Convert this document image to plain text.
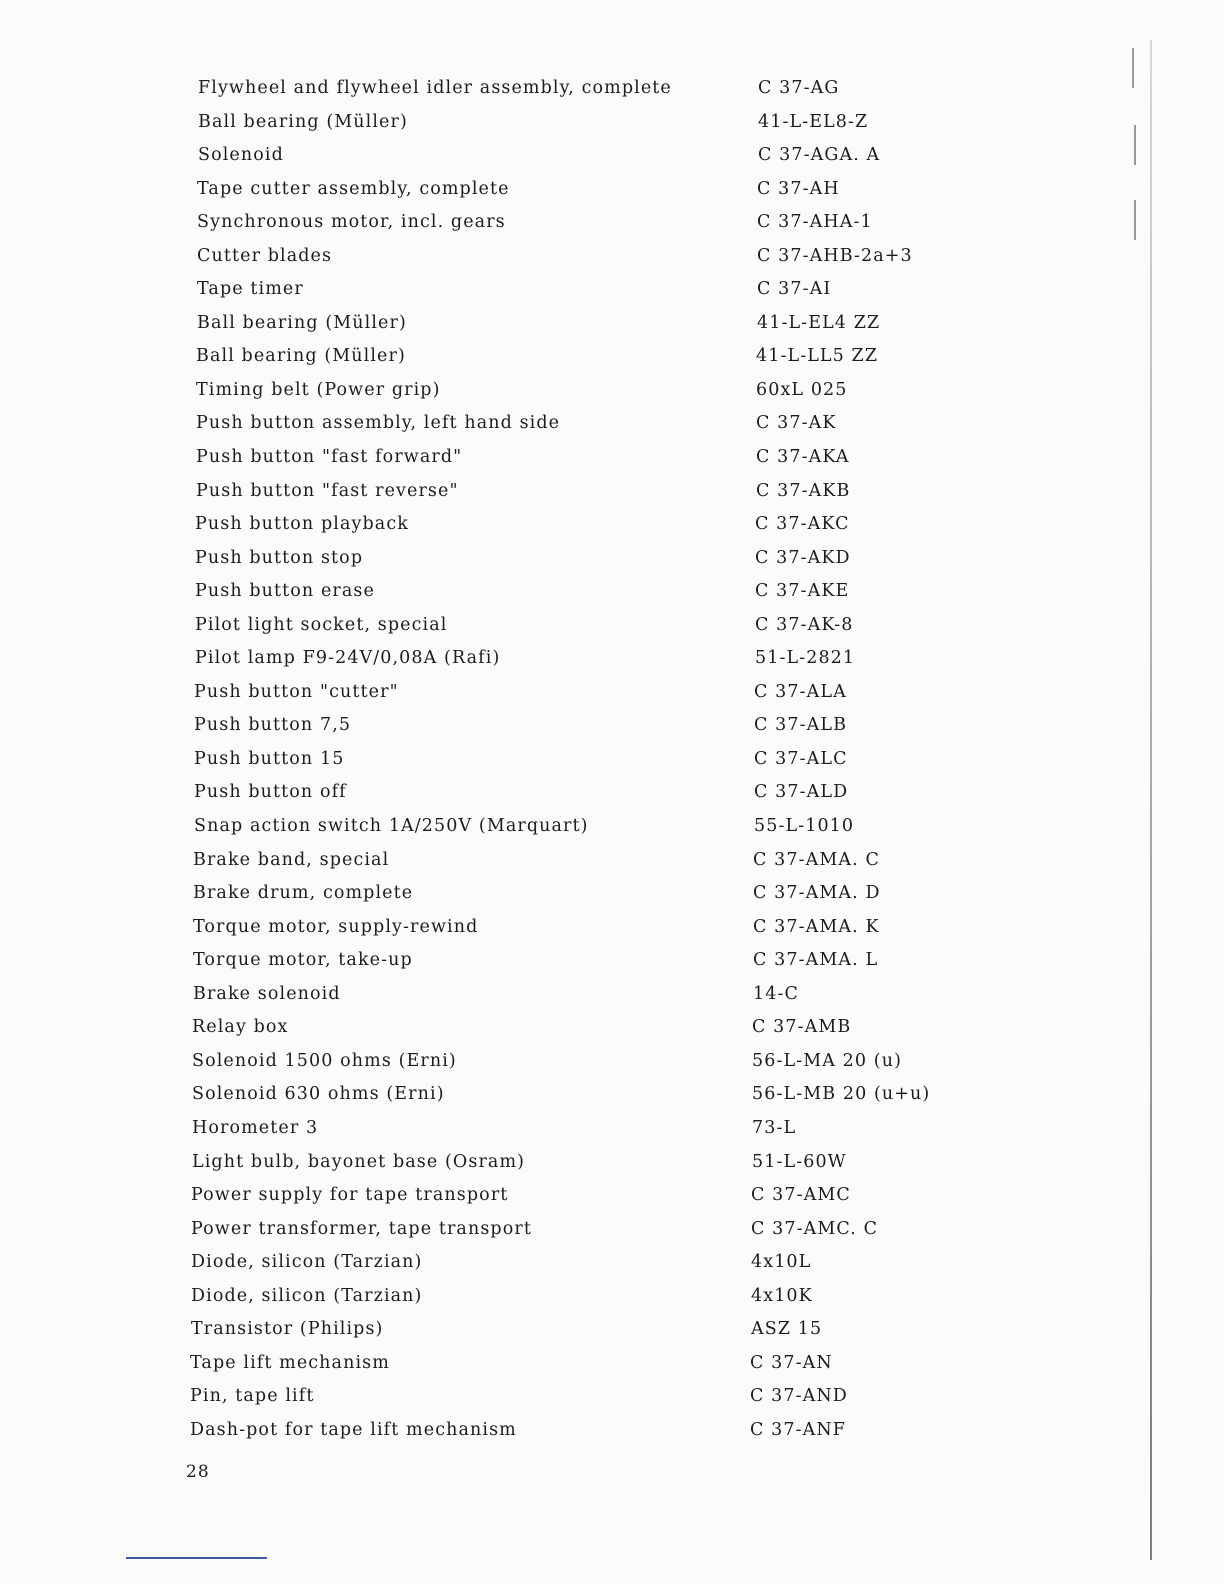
Flywheel and flywheel idler assembly, complete	C 37-AG
Ball bearing (Müller)	41-L-EL8-Z
Solenoid	C 37-AGA. A
Tape cutter assembly, complete	C 37-AH
Synchronous motor, incl. gears	C 37-AHA-1
Cutter blades	C 37-AHB-2a+3
Tape timer	C 37-AI
Ball bearing (Müller)	41-L-EL4 ZZ
Ball bearing (Müller)	41-L-LL5 ZZ
Timing belt (Power grip)	60xL 025
Push button assembly, left hand side	C 37-AK
Push button "fast forward"	C 37-AKA
Push button "fast reverse"	C 37-AKB
Push button playback	C 37-AKC
Push button stop	C 37-AKD
Push button erase	C 37-AKE
Pilot light socket, special	C 37-AK-8
Pilot lamp F9-24V/0,08A (Rafi)	51-L-2821
Push button "cutter"	C 37-ALA
Push button 7,5	C 37-ALB
Push button 15	C 37-ALC
Push button off	C 37-ALD
Snap action switch 1A/250V (Marquart)	55-L-1010
Brake band, special	C 37-AMA. C
Brake drum, complete	C 37-AMA. D
Torque motor, supply-rewind	C 37-AMA. K
Torque motor, take-up	C 37-AMA. L
Brake solenoid	14-C
Relay box	C 37-AMB
Solenoid 1500 ohms (Erni)	56-L-MA 20 (u)
Solenoid 630 ohms (Erni)	56-L-MB 20 (u+u)
Horometer 3	73-L
Light bulb, bayonet base (Osram)	51-L-60W
Power supply for tape transport	C 37-AMC
Power transformer, tape transport	C 37-AMC. C
Diode, silicon (Tarzian)	4x10L
Diode, silicon (Tarzian)	4x10K
Transistor (Philips)	ASZ 15
Tape lift mechanism	C 37-AN
Pin, tape lift	C 37-AND
Dash-pot for tape lift mechanism	C 37-ANF
28
